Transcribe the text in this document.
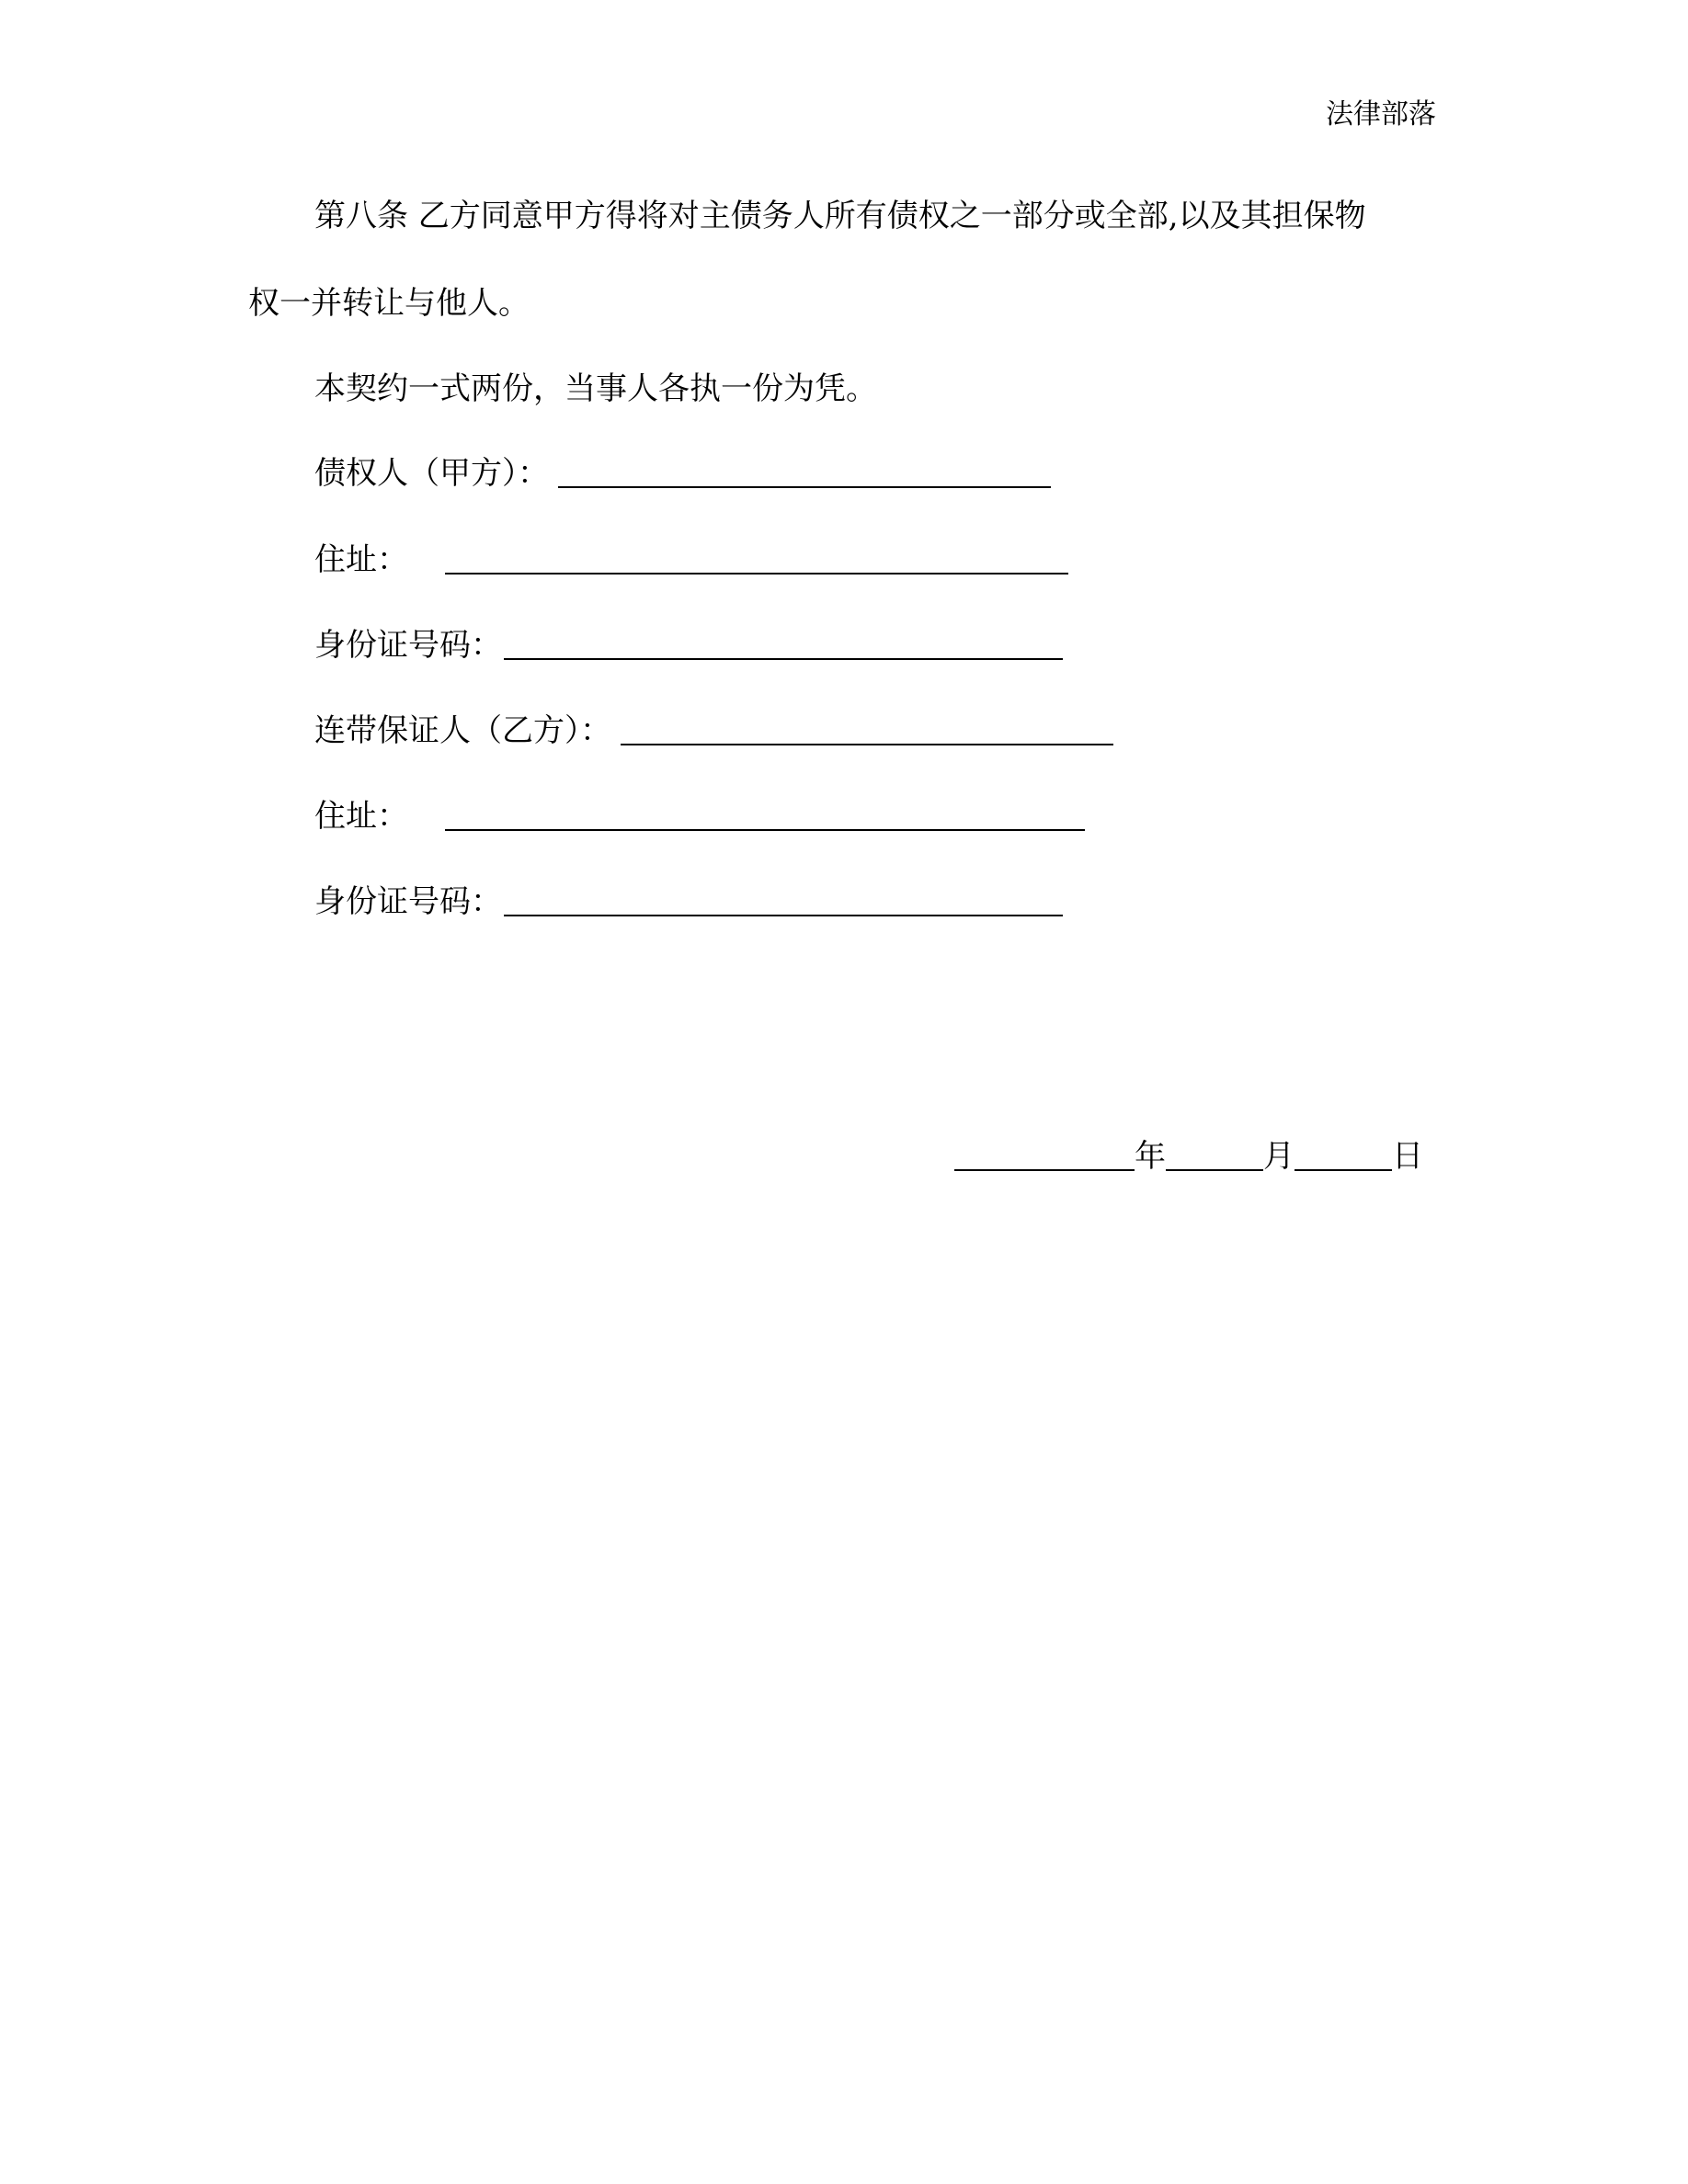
法律部落
第八条 乙方同意甲方得将对主债务人所有债权之一部分或全部,以及其担保物
权一并转让与他人。
本契约一式两份，当事人各执一份为凭。
债权人（甲方）：
住址：
身份证号码：
连带保证人（乙方）：
住址：
身份证号码：
年	月	日
